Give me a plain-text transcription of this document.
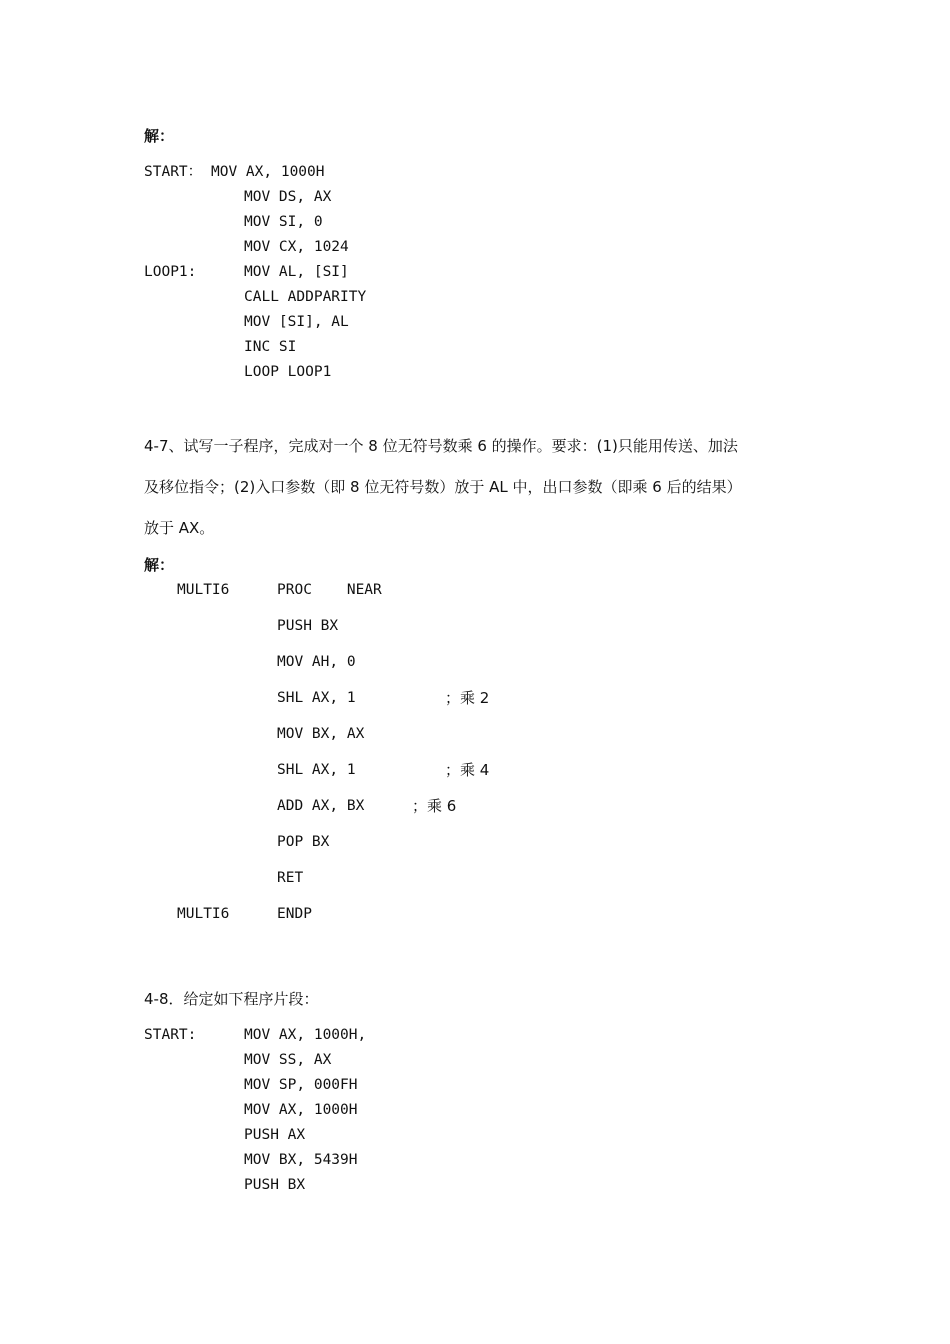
解：
START： MOV AX, 1000H
MOV DS, AX
MOV SI, 0
MOV CX, 1024
LOOP1:	MOV AL, [SI]
CALL ADDPARITY
MOV [SI], AL
INC SI
LOOP LOOP1
4-7、试写一子程序，完成对一个 8 位无符号数乘 6 的操作。要求：(1)只能用传送、加法
及移位指令；(2)入口参数（即 8 位无符号数）放于 AL 中，出口参数（即乘 6 后的结果）
放于 AX。
解：
MULTI6	PROC    NEAR
PUSH BX
MOV AH, 0
SHL AX, 1	；乘 2
MOV BX, AX
SHL AX, 1	；乘 4
ADD AX, BX	；乘 6
POP BX
RET
MULTI6	ENDP
4-8．给定如下程序片段：
START:	MOV AX, 1000H,
MOV SS, AX
MOV SP, 000FH
MOV AX, 1000H
PUSH AX
MOV BX, 5439H
PUSH BX
